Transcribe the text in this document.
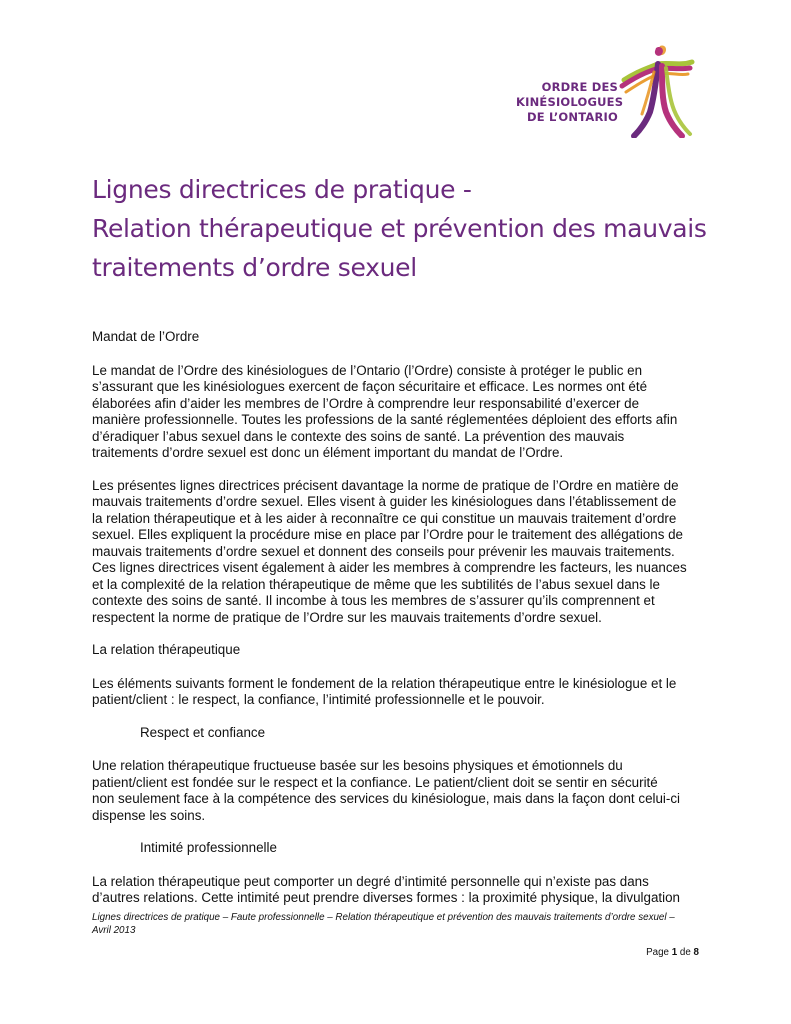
ORDRE DES
KINÉSIOLOGUES
DE L’ONTARIO
Lignes directrices de pratique -
Relation thérapeutique et prévention des mauvais
traitements d’ordre sexuel
Mandat de l’Ordre
Le mandat de l’Ordre des kinésiologues de l’Ontario (l’Ordre) consiste à protéger le public en
s’assurant que les kinésiologues exercent de façon sécuritaire et efficace. Les normes ont été
élaborées afin d’aider les membres de l’Ordre à comprendre leur responsabilité d’exercer de
manière professionnelle. Toutes les professions de la santé réglementées déploient des efforts afin
d’éradiquer l’abus sexuel dans le contexte des soins de santé. La prévention des mauvais
traitements d’ordre sexuel est donc un élément important du mandat de l’Ordre.
Les présentes lignes directrices précisent davantage la norme de pratique de l’Ordre en matière de
mauvais traitements d’ordre sexuel. Elles visent à guider les kinésiologues dans l’établissement de
la relation thérapeutique et à les aider à reconnaître ce qui constitue un mauvais traitement d’ordre
sexuel. Elles expliquent la procédure mise en place par l’Ordre pour le traitement des allégations de
mauvais traitements d’ordre sexuel et donnent des conseils pour prévenir les mauvais traitements.
Ces lignes directrices visent également à aider les membres à comprendre les facteurs, les nuances
et la complexité de la relation thérapeutique de même que les subtilités de l’abus sexuel dans le
contexte des soins de santé. Il incombe à tous les membres de s’assurer qu’ils comprennent et
respectent la norme de pratique de l’Ordre sur les mauvais traitements d’ordre sexuel.
La relation thérapeutique
Les éléments suivants forment le fondement de la relation thérapeutique entre le kinésiologue et le
patient/client : le respect, la confiance, l’intimité professionnelle et le pouvoir.
Respect et confiance
Une relation thérapeutique fructueuse basée sur les besoins physiques et émotionnels du
patient/client est fondée sur le respect et la confiance. Le patient/client doit se sentir en sécurité
non seulement face à la compétence des services du kinésiologue, mais dans la façon dont celui-ci
dispense les soins.
Intimité professionnelle
La relation thérapeutique peut comporter un degré d’intimité personnelle qui n’existe pas dans
d’autres relations. Cette intimité peut prendre diverses formes : la proximité physique, la divulgation
Lignes directrices de pratique – Faute professionnelle – Relation thérapeutique et prévention des mauvais traitements d’ordre sexuel –
Avril 2013
Page 1 de 8
